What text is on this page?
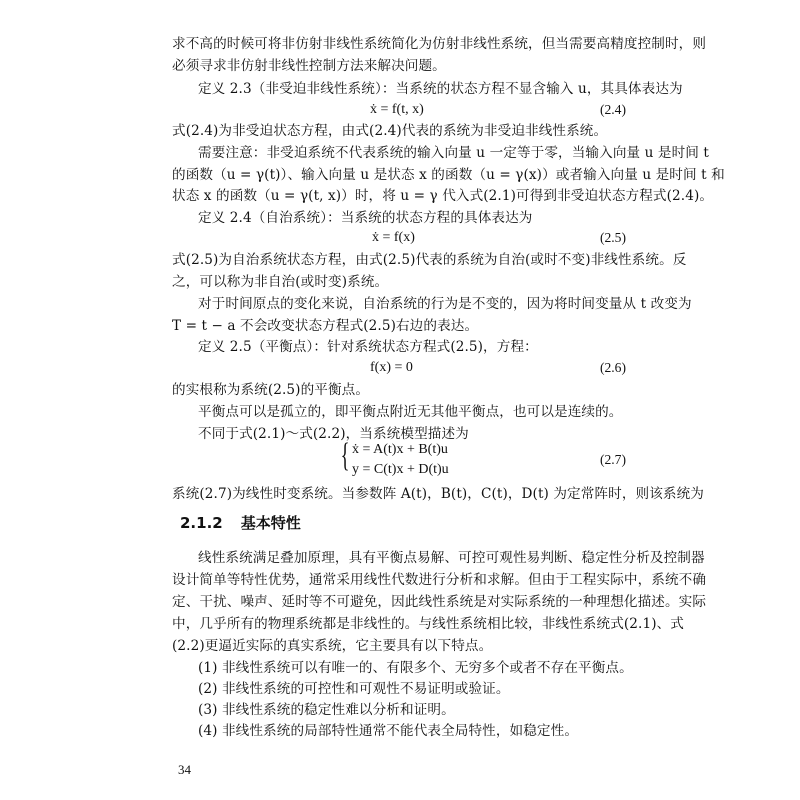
求不高的时候可将非仿射非线性系统简化为仿射非线性系统，但当需要高精度控制时，则
必须寻求非仿射非线性控制方法来解决问题。
定义 2.3（非受迫非线性系统）：当系统的状态方程不显含输入 u，其具体表达为
ẋ = f(t, x)	(2.4)
式(2.4)为非受迫状态方程，由式(2.4)代表的系统为非受迫非线性系统。
需要注意：非受迫系统不代表系统的输入向量 u 一定等于零，当输入向量 u 是时间 t
的函数（u = γ(t)）、输入向量 u 是状态 x 的函数（u = γ(x)）或者输入向量 u 是时间 t 和
状态 x 的函数（u = γ(t, x)）时，将 u = γ 代入式(2.1)可得到非受迫状态方程式(2.4)。
定义 2.4（自治系统）：当系统的状态方程的具体表达为
ẋ = f(x)	(2.5)
式(2.5)为自治系统状态方程，由式(2.5)代表的系统为自治(或时不变)非线性系统。反
之，可以称为非自治(或时变)系统。
对于时间原点的变化来说，自治系统的行为是不变的，因为将时间变量从 t 改变为
T = t − a 不会改变状态方程式(2.5)右边的表达。
定义 2.5（平衡点）：针对系统状态方程式(2.5)，方程：
f(x) = 0	(2.6)
的实根称为系统(2.5)的平衡点。
平衡点可以是孤立的，即平衡点附近无其他平衡点，也可以是连续的。
不同于式(2.1)～式(2.2)，当系统模型描述为
{ ẋ = A(t)x + B(t)u
y = C(t)x + D(t)u
(2.7)
系统(2.7)为线性时变系统。当参数阵 A(t)，B(t)，C(t)，D(t) 为定常阵时，则该系统为
2.1.2 基本特性
线性系统满足叠加原理，具有平衡点易解、可控可观性易判断、稳定性分析及控制器
设计简单等特性优势，通常采用线性代数进行分析和求解。但由于工程实际中，系统不确
定、干扰、噪声、延时等不可避免，因此线性系统是对实际系统的一种理想化描述。实际
中，几乎所有的物理系统都是非线性的。与线性系统相比较，非线性系统式(2.1)、式
(2.2)更逼近实际的真实系统，它主要具有以下特点。
(1) 非线性系统可以有唯一的、有限多个、无穷多个或者不存在平衡点。
(2) 非线性系统的可控性和可观性不易证明或验证。
(3) 非线性系统的稳定性难以分析和证明。
(4) 非线性系统的局部特性通常不能代表全局特性，如稳定性。
34
